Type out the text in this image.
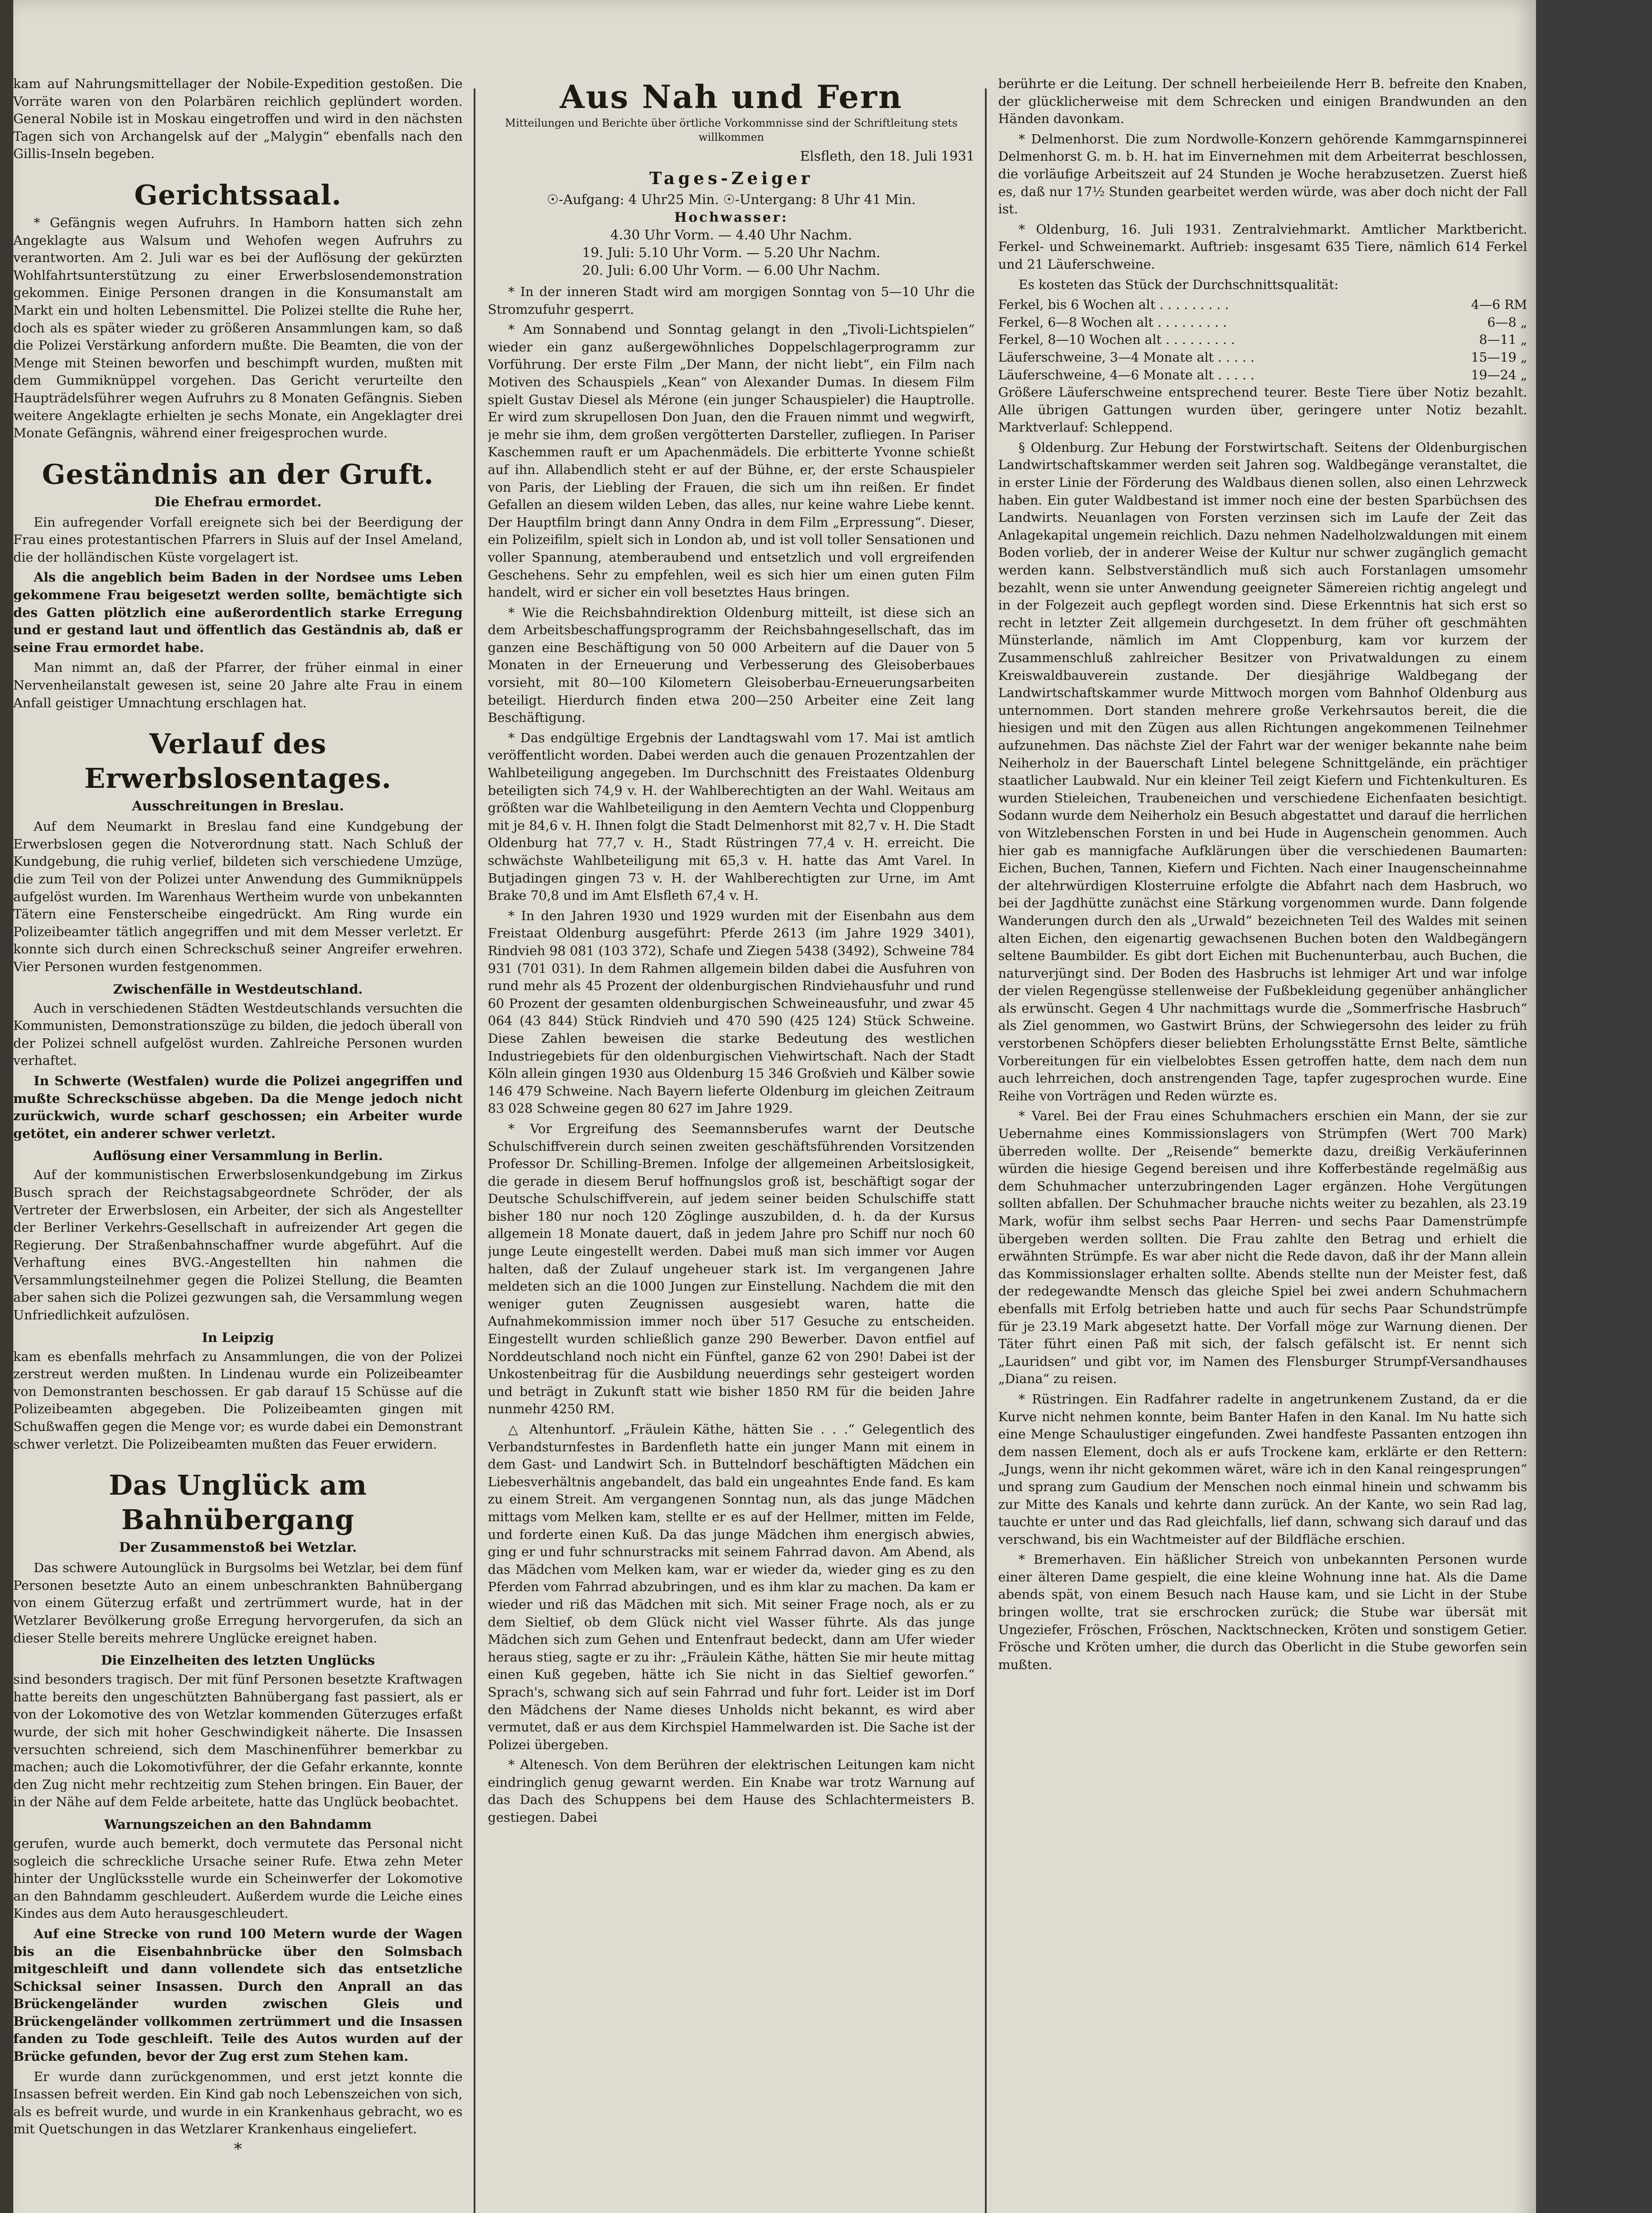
kam auf Nahrungsmittellager der Nobile-Expedition gestoßen. Die Vorräte waren von den Polarbären reichlich geplündert worden. General Nobile ist in Moskau eingetroffen und wird in den nächsten Tagen sich von Archangelsk auf der „Malygin“ ebenfalls nach den Gillis-Inseln begeben.

Gerichtssaal.

* Gefängnis wegen Aufruhrs. In Hamborn hatten sich zehn Angeklagte aus Walsum und Wehofen wegen Aufruhrs zu verantworten. Am 2. Juli war es bei der Auflösung der gekürzten Wohlfahrtsunterstützung zu einer Erwerbslosendemonstration gekommen. Einige Personen drangen in die Konsumanstalt am Markt ein und holten Lebensmittel. Die Polizei stellte die Ruhe her, doch als es später wieder zu größeren Ansammlungen kam, so daß die Polizei Verstärkung anfordern mußte. Die Beamten, die von der Menge mit Steinen beworfen und beschimpft wurden, mußten mit dem Gummiknüppel vorgehen. Das Gericht verurteilte den Haupträdelsführer wegen Aufruhrs zu 8 Monaten Gefängnis. Sieben weitere Angeklagte erhielten je sechs Monate, ein Angeklagter drei Monate Gefängnis, während einer freigesprochen wurde.

Geständnis an der Gruft.
Die Ehefrau ermordet.

Ein aufregender Vorfall ereignete sich bei der Beerdigung der Frau eines protestantischen Pfarrers in Sluis auf der Insel Ameland, die der holländischen Küste vorgelagert ist.

Als die angeblich beim Baden in der Nordsee ums Leben gekommene Frau beigesetzt werden sollte, bemächtigte sich des Gatten plötzlich eine außerordentlich starke Erregung und er gestand laut und öffentlich das Geständnis ab, daß er seine Frau ermordet habe.

Man nimmt an, daß der Pfarrer, der früher einmal in einer Nervenheilanstalt gewesen ist, seine 20 Jahre alte Frau in einem Anfall geistiger Umnachtung erschlagen hat.

Verlauf des Erwerbslosentages.
Ausschreitungen in Breslau.

Auf dem Neumarkt in Breslau fand eine Kundgebung der Erwerbslosen gegen die Notverordnung statt. Nach Schluß der Kundgebung, die ruhig verlief, bildeten sich verschiedene Umzüge, die zum Teil von der Polizei unter Anwendung des Gummiknüppels aufgelöst wurden. Im Warenhaus Wertheim wurde von unbekannten Tätern eine Fensterscheibe eingedrückt. Am Ring wurde ein Polizeibeamter tätlich angegriffen und mit dem Messer verletzt. Er konnte sich durch einen Schreckschuß seiner Angreifer erwehren. Vier Personen wurden festgenommen.

Zwischenfälle in Westdeutschland.

Auch in verschiedenen Städten Westdeutschlands versuchten die Kommunisten, Demonstrationszüge zu bilden, die jedoch überall von der Polizei schnell aufgelöst wurden. Zahlreiche Personen wurden verhaftet.

In Schwerte (Westfalen) wurde die Polizei angegriffen und mußte Schreckschüsse abgeben. Da die Menge jedoch nicht zurückwich, wurde scharf geschossen; ein Arbeiter wurde getötet, ein anderer schwer verletzt.

Auflösung einer Versammlung in Berlin.

Auf der kommunistischen Erwerbslosenkundgebung im Zirkus Busch sprach der Reichstagsabgeordnete Schröder, der als Vertreter der Erwerbslosen, ein Arbeiter, der sich als Angestellter der Berliner Verkehrs-Gesellschaft in aufreizender Art gegen die Regierung. Der Straßenbahnschaffner wurde abgeführt. Auf die Verhaftung eines BVG.-Angestellten hin nahmen die Versammlungsteilnehmer gegen die Polizei Stellung, die Beamten aber sahen sich die Polizei gezwungen sah, die Versammlung wegen Unfriedlichkeit aufzulösen.

In Leipzig

kam es ebenfalls mehrfach zu Ansammlungen, die von der Polizei zerstreut werden mußten. In Lindenau wurde ein Polizeibeamter von Demonstranten beschossen. Er gab darauf 15 Schüsse auf die Polizeibeamten abgegeben. Die Polizeibeamten gingen mit Schußwaffen gegen die Menge vor; es wurde dabei ein Demonstrant schwer verletzt. Die Polizeibeamten mußten das Feuer erwidern.

Das Unglück am Bahnübergang
Der Zusammenstoß bei Wetzlar.

Das schwere Autounglück in Burgsolms bei Wetzlar, bei dem fünf Personen besetzte Auto an einem unbeschrankten Bahnübergang von einem Güterzug erfaßt und zertrümmert wurde, hat in der Wetzlarer Bevölkerung große Erregung hervorgerufen, da sich an dieser Stelle bereits mehrere Unglücke ereignet haben.

Die Einzelheiten des letzten Unglücks

sind besonders tragisch. Der mit fünf Personen besetzte Kraftwagen hatte bereits den ungeschützten Bahnübergang fast passiert, als er von der Lokomotive des von Wetzlar kommenden Güterzuges erfaßt wurde, der sich mit hoher Geschwindigkeit näherte. Die Insassen versuchten schreiend, sich dem Maschinenführer bemerkbar zu machen; auch die Lokomotivführer, der die Gefahr erkannte, konnte den Zug nicht mehr rechtzeitig zum Stehen bringen. Ein Bauer, der in der Nähe auf dem Felde arbeitete, hatte das Unglück beobachtet.

Warnungszeichen an den Bahndamm

gerufen, wurde auch bemerkt, doch vermutete das Personal nicht sogleich die schreckliche Ursache seiner Rufe. Etwa zehn Meter hinter der Unglücksstelle wurde ein Scheinwerfer der Lokomotive an den Bahndamm geschleudert. Außerdem wurde die Leiche eines Kindes aus dem Auto herausgeschleudert.

Auf eine Strecke von rund 100 Metern wurde der Wagen bis an die Eisenbahnbrücke über den Solmsbach mitgeschleift und dann vollendete sich das entsetzliche Schicksal seiner Insassen. Durch den Anprall an das Brückengeländer wurden zwischen Gleis und Brückengeländer vollkommen zertrümmert und die Insassen fanden zu Tode geschleift. Teile des Autos wurden auf der Brücke gefunden, bevor der Zug erst zum Stehen kam.

Er wurde dann zurückgenommen, und erst jetzt konnte die Insassen befreit werden. Ein Kind gab noch Lebenszeichen von sich, als es befreit wurde, und wurde in ein Krankenhaus gebracht, wo es mit Quetschungen in das Wetzlarer Krankenhaus eingeliefert.

*
Aus Nah und Fern
Mitteilungen und Berichte über örtliche Vorkommnisse sind der Schriftleitung stets willkommen
Elsfleth, den 18. Juli 1931
Tages-Zeiger
☉-Aufgang: 4 Uhr25 Min. ☉-Untergang: 8 Uhr 41 Min.
Hochwasser:
4.30 Uhr Vorm. — 4.40 Uhr Nachm.
19. Juli: 5.10 Uhr Vorm. — 5.20 Uhr Nachm.
20. Juli: 6.00 Uhr Vorm. — 6.00 Uhr Nachm.

* In der inneren Stadt wird am morgigen Sonntag von 5—10 Uhr die Stromzufuhr gesperrt.

* Am Sonnabend und Sonntag gelangt in den „Tivoli-Lichtspielen“ wieder ein ganz außergewöhnliches Doppelschlagerprogramm zur Vorführung. Der erste Film „Der Mann, der nicht liebt“, ein Film nach Motiven des Schauspiels „Kean“ von Alexander Dumas. In diesem Film spielt Gustav Diesel als Mérone (ein junger Schauspieler) die Hauptrolle. Er wird zum skrupellosen Don Juan, den die Frauen nimmt und wegwirft, je mehr sie ihm, dem großen vergötterten Darsteller, zufliegen. In Pariser Kaschemmen rauft er um Apachenmädels. Die erbitterte Yvonne schießt auf ihn. Allabendlich steht er auf der Bühne, er, der erste Schauspieler von Paris, der Liebling der Frauen, die sich um ihn reißen. Er findet Gefallen an diesem wilden Leben, das alles, nur keine wahre Liebe kennt. Der Hauptfilm bringt dann Anny Ondra in dem Film „Erpressung“. Dieser, ein Polizeifilm, spielt sich in London ab, und ist voll toller Sensationen und voller Spannung, atemberaubend und entsetzlich und voll ergreifenden Geschehens. Sehr zu empfehlen, weil es sich hier um einen guten Film handelt, wird er sicher ein voll besetztes Haus bringen.

* Wie die Reichsbahndirektion Oldenburg mitteilt, ist diese sich an dem Arbeitsbeschaffungsprogramm der Reichsbahngesellschaft, das im ganzen eine Beschäftigung von 50 000 Arbeitern auf die Dauer von 5 Monaten in der Erneuerung und Verbesserung des Gleisoberbaues vorsieht, mit 80—100 Kilometern Gleisoberbau-Erneuerungsarbeiten beteiligt. Hierdurch finden etwa 200—250 Arbeiter eine Zeit lang Beschäftigung.

* Das endgültige Ergebnis der Landtagswahl vom 17. Mai ist amtlich veröffentlicht worden. Dabei werden auch die genauen Prozentzahlen der Wahlbeteiligung angegeben. Im Durchschnitt des Freistaates Oldenburg beteiligten sich 74,9 v. H. der Wahlberechtigten an der Wahl. Weitaus am größten war die Wahlbeteiligung in den Aemtern Vechta und Cloppenburg mit je 84,6 v. H. Ihnen folgt die Stadt Delmenhorst mit 82,7 v. H. Die Stadt Oldenburg hat 77,7 v. H., Stadt Rüstringen 77,4 v. H. erreicht. Die schwächste Wahlbeteiligung mit 65,3 v. H. hatte das Amt Varel. In Butjadingen gingen 73 v. H. der Wahlberechtigten zur Urne, im Amt Brake 70,8 und im Amt Elsfleth 67,4 v. H.

* In den Jahren 1930 und 1929 wurden mit der Eisenbahn aus dem Freistaat Oldenburg ausgeführt: Pferde 2613 (im Jahre 1929 3401), Rindvieh 98 081 (103 372), Schafe und Ziegen 5438 (3492), Schweine 784 931 (701 031). In dem Rahmen allgemein bilden dabei die Ausfuhren von rund mehr als 45 Prozent der oldenburgischen Rindviehausfuhr und rund 60 Prozent der gesamten oldenburgischen Schweineausfuhr, und zwar 45 064 (43 844) Stück Rindvieh und 470 590 (425 124) Stück Schweine. Diese Zahlen beweisen die starke Bedeutung des westlichen Industriegebiets für den oldenburgischen Viehwirtschaft. Nach der Stadt Köln allein gingen 1930 aus Oldenburg 15 346 Großvieh und Kälber sowie 146 479 Schweine. Nach Bayern lieferte Oldenburg im gleichen Zeitraum 83 028 Schweine gegen 80 627 im Jahre 1929.

* Vor Ergreifung des Seemannsberufes warnt der Deutsche Schulschiffverein durch seinen zweiten geschäftsführenden Vorsitzenden Professor Dr. Schilling-Bremen. Infolge der allgemeinen Arbeitslosigkeit, die gerade in diesem Beruf hoffnungslos groß ist, beschäftigt sogar der Deutsche Schulschiffverein, auf jedem seiner beiden Schulschiffe statt bisher 180 nur noch 120 Zöglinge auszubilden, d. h. da der Kursus allgemein 18 Monate dauert, daß in jedem Jahre pro Schiff nur noch 60 junge Leute eingestellt werden. Dabei muß man sich immer vor Augen halten, daß der Zulauf ungeheuer stark ist. Im vergangenen Jahre meldeten sich an die 1000 Jungen zur Einstellung. Nachdem die mit den weniger guten Zeugnissen ausgesiebt waren, hatte die Aufnahmekommission immer noch über 517 Gesuche zu entscheiden. Eingestellt wurden schließlich ganze 290 Bewerber. Davon entfiel auf Norddeutschland noch nicht ein Fünftel, ganze 62 von 290! Dabei ist der Unkostenbeitrag für die Ausbildung neuerdings sehr gesteigert worden und beträgt in Zukunft statt wie bisher 1850 RM für die beiden Jahre nunmehr 4250 RM.

△ Altenhuntorf. „Fräulein Käthe, hätten Sie . . .“ Gelegentlich des Verbandsturnfestes in Bardenfleth hatte ein junger Mann mit einem in dem Gast- und Landwirt Sch. in Buttelndorf beschäftigten Mädchen ein Liebesverhältnis angebandelt, das bald ein ungeahntes Ende fand. Es kam zu einem Streit. Am vergangenen Sonntag nun, als das junge Mädchen mittags vom Melken kam, stellte er es auf der Hellmer, mitten im Felde, und forderte einen Kuß. Da das junge Mädchen ihm energisch abwies, ging er und fuhr schnurstracks mit seinem Fahrrad davon. Am Abend, als das Mädchen vom Melken kam, war er wieder da, wieder ging es zu den Pferden vom Fahrrad abzubringen, und es ihm klar zu machen. Da kam er wieder und riß das Mädchen mit sich. Mit seiner Frage noch, als er zu dem Sieltief, ob dem Glück nicht viel Wasser führte. Als das junge Mädchen sich zum Gehen und Entenfraut bedeckt, dann am Ufer wieder heraus stieg, sagte er zu ihr: „Fräulein Käthe, hätten Sie mir heute mittag einen Kuß gegeben, hätte ich Sie nicht in das Sieltief geworfen.“ Sprach's, schwang sich auf sein Fahrrad und fuhr fort. Leider ist im Dorf den Mädchens der Name dieses Unholds nicht bekannt, es wird aber vermutet, daß er aus dem Kirchspiel Hammelwarden ist. Die Sache ist der Polizei übergeben.

* Altenesch. Von dem Berühren der elektrischen Leitungen kam nicht eindringlich genug gewarnt werden. Ein Knabe war trotz Warnung auf das Dach des Schuppens bei dem Hause des Schlachtermeisters B. gestiegen. Dabei

berührte er die Leitung. Der schnell herbeieilende Herr B. befreite den Knaben, der glücklicherweise mit dem Schrecken und einigen Brandwunden an den Händen davonkam.

* Delmenhorst. Die zum Nordwolle-Konzern gehörende Kammgarnspinnerei Delmenhorst G. m. b. H. hat im Einvernehmen mit dem Arbeiterrat beschlossen, die vorläufige Arbeitszeit auf 24 Stunden je Woche herabzusetzen. Zuerst hieß es, daß nur 17½ Stunden gearbeitet werden würde, was aber doch nicht der Fall ist.

* Oldenburg, 16. Juli 1931. Zentralviehmarkt. Amtlicher Marktbericht. Ferkel- und Schweinemarkt. Auftrieb: insgesamt 635 Tiere, nämlich 614 Ferkel und 21 Läuferschweine.

Es kosteten das Stück der Durchschnittsqualität:

Ferkel, bis 6 Wochen alt . . . . . . . . .	4—6 RM
Ferkel, 6—8 Wochen alt . . . . . . . . .	6—8 „
Ferkel, 8—10 Wochen alt . . . . . . . . .	8—11 „
Läuferschweine, 3—4 Monate alt . . . . .	15—19 „
Läuferschweine, 4—6 Monate alt . . . . .	19—24 „

Größere Läuferschweine entsprechend teurer. Beste Tiere über Notiz bezahlt. Alle übrigen Gattungen wurden über, geringere unter Notiz bezahlt. Marktverlauf: Schleppend.

§ Oldenburg. Zur Hebung der Forstwirtschaft. Seitens der Oldenburgischen Landwirtschaftskammer werden seit Jahren sog. Waldbegänge veranstaltet, die in erster Linie der Förderung des Waldbaus dienen sollen, also einen Lehrzweck haben. Ein guter Waldbestand ist immer noch eine der besten Sparbüchsen des Landwirts. Neuanlagen von Forsten verzinsen sich im Laufe der Zeit das Anlagekapital ungemein reichlich. Dazu nehmen Nadelholzwaldungen mit einem Boden vorlieb, der in anderer Weise der Kultur nur schwer zugänglich gemacht werden kann. Selbstverständlich muß sich auch Forstanlagen umsomehr bezahlt, wenn sie unter Anwendung geeigneter Sämereien richtig angelegt und in der Folgezeit auch gepflegt worden sind. Diese Erkenntnis hat sich erst so recht in letzter Zeit allgemein durchgesetzt. In dem früher oft geschmähten Münsterlande, nämlich im Amt Cloppenburg, kam vor kurzem der Zusammenschluß zahlreicher Besitzer von Privatwaldungen zu einem Kreiswaldbauverein zustande. Der diesjährige Waldbegang der Landwirtschaftskammer wurde Mittwoch morgen vom Bahnhof Oldenburg aus unternommen. Dort standen mehrere große Verkehrsautos bereit, die die hiesigen und mit den Zügen aus allen Richtungen angekommenen Teilnehmer aufzunehmen. Das nächste Ziel der Fahrt war der weniger bekannte nahe beim Neiherholz in der Bauerschaft Lintel belegene Schnittgelände, ein prächtiger staatlicher Laubwald. Nur ein kleiner Teil zeigt Kiefern und Fichtenkulturen. Es wurden Stieleichen, Traubeneichen und verschiedene Eichenfaaten besichtigt. Sodann wurde dem Neiherholz ein Besuch abgestattet und darauf die herrlichen von Witzlebenschen Forsten in und bei Hude in Augenschein genommen. Auch hier gab es mannigfache Aufklärungen über die verschiedenen Baumarten: Eichen, Buchen, Tannen, Kiefern und Fichten. Nach einer Inaugenscheinnahme der altehrwürdigen Klosterruine erfolgte die Abfahrt nach dem Hasbruch, wo bei der Jagdhütte zunächst eine Stärkung vorgenommen wurde. Dann folgende Wanderungen durch den als „Urwald“ bezeichneten Teil des Waldes mit seinen alten Eichen, den eigenartig gewachsenen Buchen boten den Waldbegängern seltene Baumbilder. Es gibt dort Eichen mit Buchenunterbau, auch Buchen, die naturverjüngt sind. Der Boden des Hasbruchs ist lehmiger Art und war infolge der vielen Regengüsse stellenweise der Fußbekleidung gegenüber anhänglicher als erwünscht. Gegen 4 Uhr nachmittags wurde die „Sommerfrische Hasbruch“ als Ziel genommen, wo Gastwirt Brüns, der Schwiegersohn des leider zu früh verstorbenen Schöpfers dieser beliebten Erholungsstätte Ernst Belte, sämtliche Vorbereitungen für ein vielbelobtes Essen getroffen hatte, dem nach dem nun auch lehrreichen, doch anstrengenden Tage, tapfer zugesprochen wurde. Eine Reihe von Vorträgen und Reden würzte es.

* Varel. Bei der Frau eines Schuhmachers erschien ein Mann, der sie zur Uebernahme eines Kommissionslagers von Strümpfen (Wert 700 Mark) überreden wollte. Der „Reisende“ bemerkte dazu, dreißig Verkäuferinnen würden die hiesige Gegend bereisen und ihre Kofferbestände regelmäßig aus dem Schuhmacher unterzubringenden Lager ergänzen. Hohe Vergütungen sollten abfallen. Der Schuhmacher brauche nichts weiter zu bezahlen, als 23.19 Mark, wofür ihm selbst sechs Paar Herren- und sechs Paar Damenstrümpfe übergeben werden sollten. Die Frau zahlte den Betrag und erhielt die erwähnten Strümpfe. Es war aber nicht die Rede davon, daß ihr der Mann allein das Kommissionslager erhalten sollte. Abends stellte nun der Meister fest, daß der redegewandte Mensch das gleiche Spiel bei zwei andern Schuhmachern ebenfalls mit Erfolg betrieben hatte und auch für sechs Paar Schundstrümpfe für je 23.19 Mark abgesetzt hatte. Der Vorfall möge zur Warnung dienen. Der Täter führt einen Paß mit sich, der falsch gefälscht ist. Er nennt sich „Lauridsen“ und gibt vor, im Namen des Flensburger Strumpf-Versandhauses „Diana“ zu reisen.

* Rüstringen. Ein Radfahrer radelte in angetrunkenem Zustand, da er die Kurve nicht nehmen konnte, beim Banter Hafen in den Kanal. Im Nu hatte sich eine Menge Schaulustiger eingefunden. Zwei handfeste Passanten entzogen ihn dem nassen Element, doch als er aufs Trockene kam, erklärte er den Rettern: „Jungs, wenn ihr nicht gekommen wäret, wäre ich in den Kanal reingesprungen“ und sprang zum Gaudium der Menschen noch einmal hinein und schwamm bis zur Mitte des Kanals und kehrte dann zurück. An der Kante, wo sein Rad lag, tauchte er unter und das Rad gleichfalls, lief dann, schwang sich darauf und das verschwand, bis ein Wachtmeister auf der Bildfläche erschien.

* Bremerhaven. Ein häßlicher Streich von unbekannten Personen wurde einer älteren Dame gespielt, die eine kleine Wohnung inne hat. Als die Dame abends spät, von einem Besuch nach Hause kam, und sie Licht in der Stube bringen wollte, trat sie erschrocken zurück; die Stube war übersät mit Ungeziefer, Fröschen, Fröschen, Nacktschnecken, Kröten und sonstigem Getier. Frösche und Kröten umher, die durch das Oberlicht in die Stube geworfen sein mußten.
